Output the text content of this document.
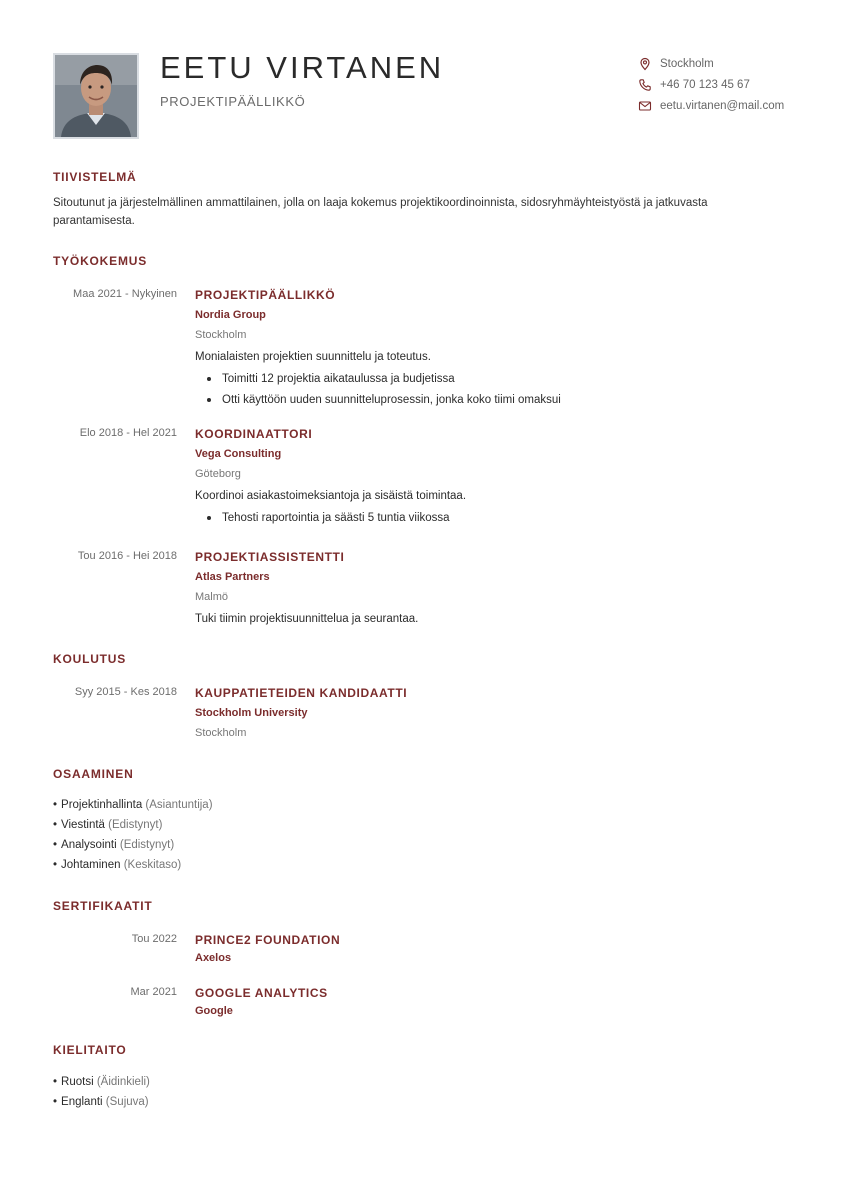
EETU VIRTANEN
PROJEKTIPÄÄLLIKKÖ
Stockholm
+46 70 123 45 67
eetu.virtanen@mail.com
TIIVISTELMÄ
Sitoutunut ja järjestelmällinen ammattilainen, jolla on laaja kokemus projektikoordinoinnista, sidosryhmäyhteistyöstä ja jatkuvasta parantamisesta.
TYÖKOKEMUS
Maa 2021 - Nykyinen PROJEKTIPÄÄLLIKKÖ
Nordia Group
Stockholm
Monialaisten projektien suunnittelu ja toteutus.
Toimitti 12 projektia aikataulussa ja budjetissa
Otti käyttöön uuden suunnitteluprosessin, jonka koko tiimi omaksui
Elo 2018 - Hel 2021 KOORDINAATTORI
Vega Consulting
Göteborg
Koordinoi asiakastoimeksiantoja ja sisäistä toimintaa.
Tehosti raportointia ja säästi 5 tuntia viikossa
Tou 2016 - Hei 2018 PROJEKTIASSISTENTTI
Atlas Partners
Malmö
Tuki tiimin projektisuunnittelua ja seurantaa.
KOULUTUS
Syy 2015 - Kes 2018 KAUPPATIETEIDEN KANDIDAATTI
Stockholm University
Stockholm
OSAAMINEN
• Projektinhallinta (Asiantuntija)
• Viestintä (Edistynyt)
• Analysointi (Edistynyt)
• Johtaminen (Keskitaso)
SERTIFIKAATIT
Tou 2022 PRINCE2 FOUNDATION
Axelos
Mar 2021 GOOGLE ANALYTICS
Google
KIELITAITO
• Ruotsi (Äidinkieli)
• Englanti (Sujuva)
